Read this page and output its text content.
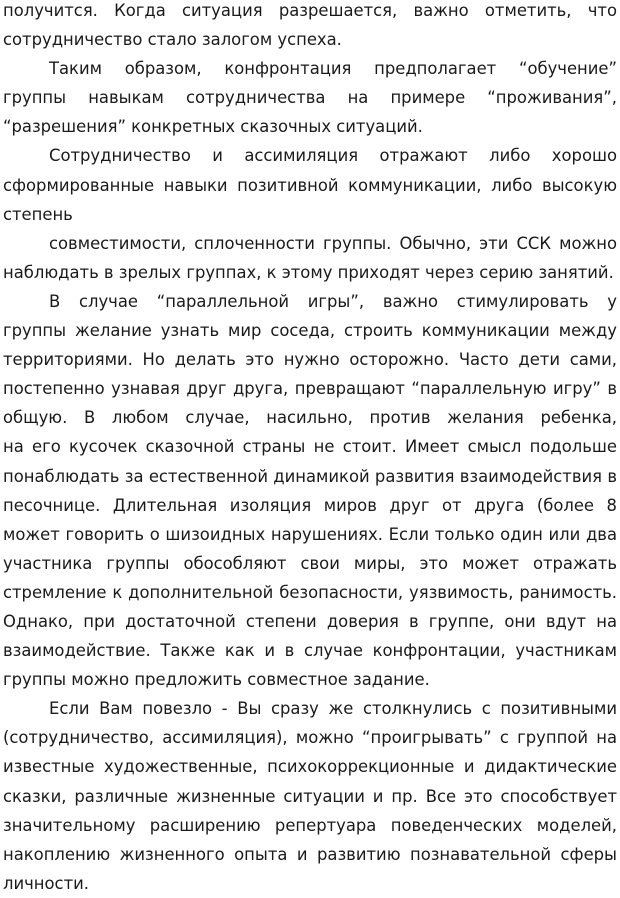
получится. Когда ситуация разрешается, важно отметить, что
сотрудничество стало залогом успеха.
Таким образом, конфронтация предполагает “обучение”
группы навыкам сотрудничества на примере “проживания”,
“разрешения” конкретных сказочных ситуаций.
Сотрудничество и ассимиляция отражают либо хорошо
сформированные навыки позитивной коммуникации, либо высокую
степень
совместимости, сплоченности группы. Обычно, эти ССК можно
наблюдать в зрелых группах, к этому приходят через серию занятий.
В случае “параллельной игры”, важно стимулировать у
группы желание узнать мир соседа, строить коммуникации между
территориями. Но делать это нужно осторожно. Часто дети сами,
постепенно узнавая друг друга, превращают “параллельную игру” в
общую. В любом случае, насильно, против желания ребенка,
на его кусочек сказочной страны не стоит. Имеет смысл подольше
понаблюдать за естественной динамикой развития взаимодействия в
песочнице. Длительная изоляция миров друг от друга (более 8
может говорить о шизоидных нарушениях. Если только один или два
участника группы обособляют свои миры, это может отражать
стремление к дополнительной безопасности, уязвимость, ранимость.
Однако, при достаточной степени доверия в группе, они вдут на
взаимодействие. Также как и в случае конфронтации, участникам
группы можно предложить совместное задание.
Если Вам повезло - Вы сразу же столкнулись с позитивными
(сотрудничество, ассимиляция), можно “проигрывать” с группой на
известные художественные, психокоррекционные и дидактические
сказки, различные жизненные ситуации и пр. Все это способствует
значительному расширению репертуара поведенческих моделей,
накоплению жизненного опыта и развитию познавательной сферы
личности.
